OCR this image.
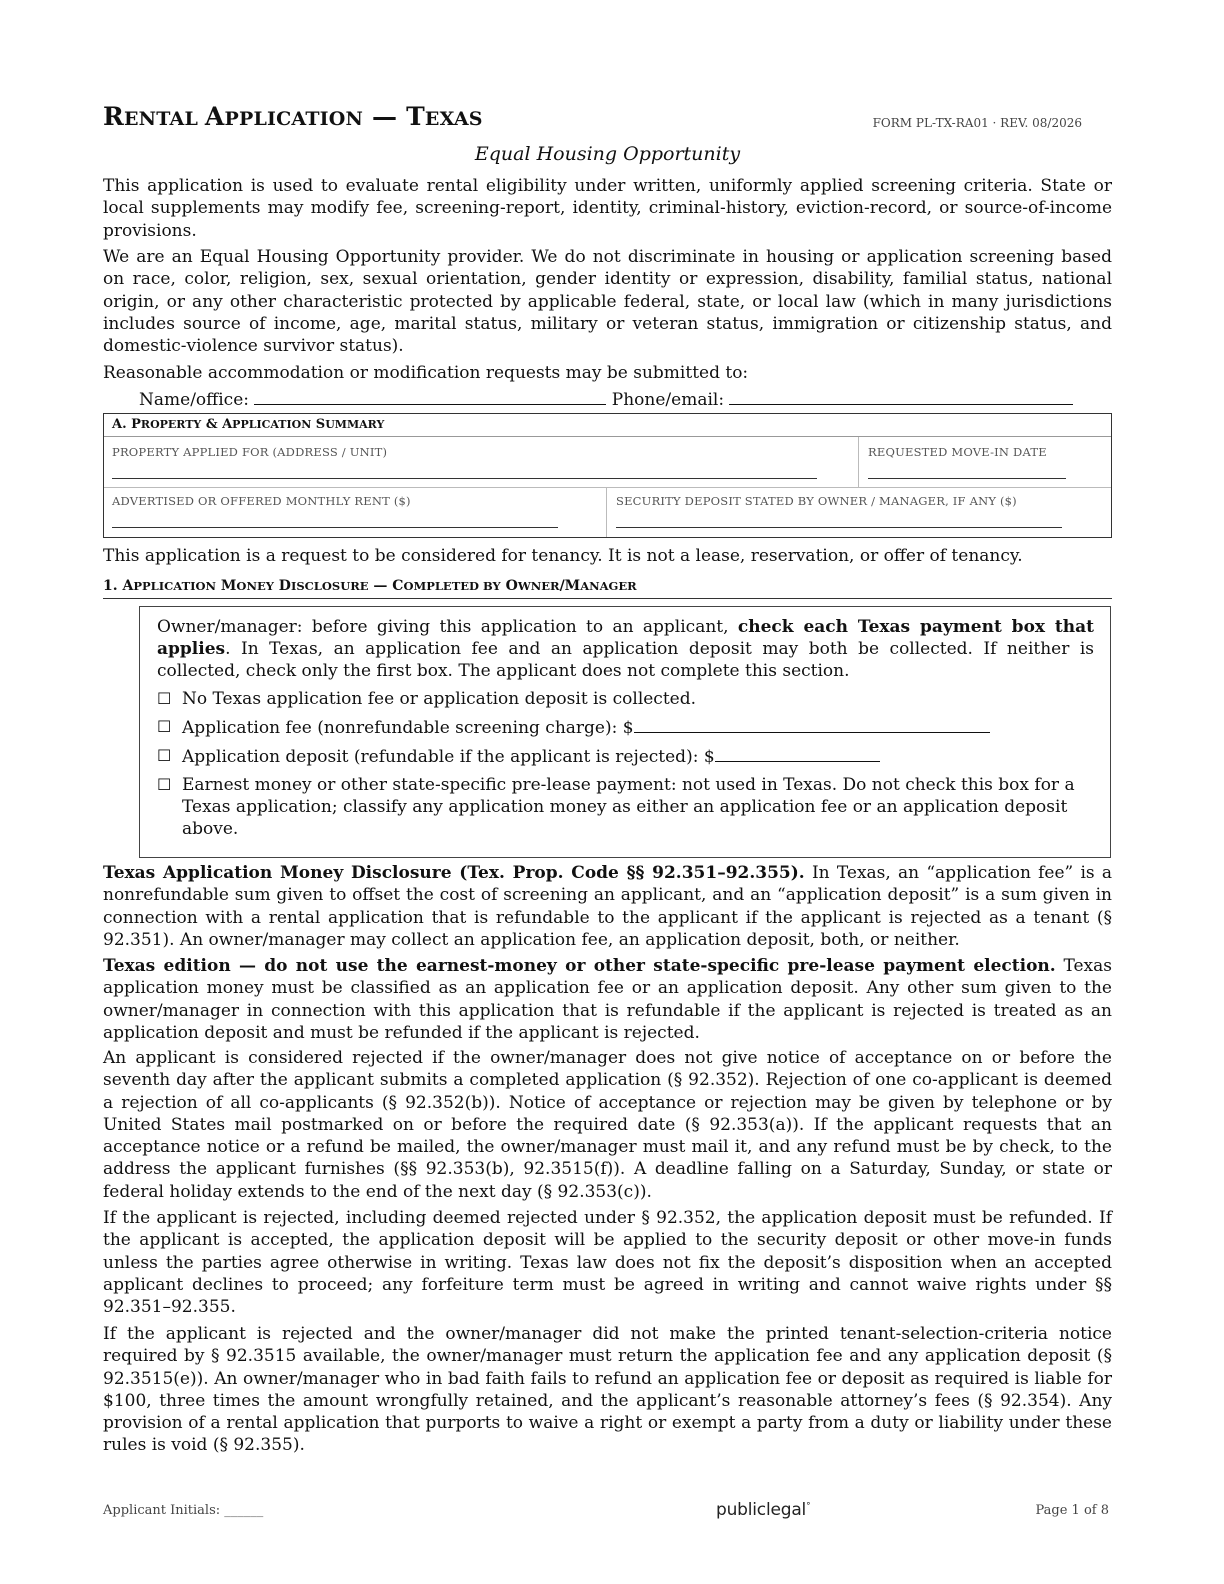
RENTAL APPLICATION — TEXAS	FORM PL-TX-RA01 · REV. 08/2026
Equal Housing Opportunity
This application is used to evaluate rental eligibility under written, uniformly applied screening criteria. State or local supplements may modify fee, screening-report, identity, criminal-history, eviction-record, or source-of-income provisions.
We are an Equal Housing Opportunity provider. We do not discriminate in housing or application screening based on race, color, religion, sex, sexual orientation, gender identity or expression, disability, familial status, national origin, or any other characteristic protected by applicable federal, state, or local law (which in many jurisdictions includes source of income, age, marital status, military or veteran status, immigration or citizenship status, and domestic-violence survivor status).
Reasonable accommodation or modification requests may be submitted to:
Name/office:	Phone/email:
A. PROPERTY & APPLICATION SUMMARY
PROPERTY APPLIED FOR (ADDRESS / UNIT)	REQUESTED MOVE-IN DATE
ADVERTISED OR OFFERED MONTHLY RENT ($)	SECURITY DEPOSIT STATED BY OWNER / MANAGER, IF ANY ($)
This application is a request to be considered for tenancy. It is not a lease, reservation, or offer of tenancy.
1. APPLICATION MONEY DISCLOSURE — COMPLETED BY OWNER/MANAGER
Owner/manager: before giving this application to an applicant, check each Texas payment box that applies. In Texas, an application fee and an application deposit may both be collected. If neither is collected, check only the first box. The applicant does not complete this section.
☐ No Texas application fee or application deposit is collected.
☐ Application fee (nonrefundable screening charge): $
☐ Application deposit (refundable if the applicant is rejected): $
☐ Earnest money or other state-specific pre-lease payment: not used in Texas. Do not check this box for a Texas application; classify any application money as either an application fee or an application deposit above.
Texas Application Money Disclosure (Tex. Prop. Code §§ 92.351–92.355). In Texas, an “application fee” is a nonrefundable sum given to offset the cost of screening an applicant, and an “application deposit” is a sum given in connection with a rental application that is refundable to the applicant if the applicant is rejected as a tenant (§ 92.351). An owner/manager may collect an application fee, an application deposit, both, or neither.
Texas edition — do not use the earnest-money or other state-specific pre-lease payment election. Texas application money must be classified as an application fee or an application deposit. Any other sum given to the owner/manager in connection with this application that is refundable if the applicant is rejected is treated as an application deposit and must be refunded if the applicant is rejected.
An applicant is considered rejected if the owner/manager does not give notice of acceptance on or before the seventh day after the applicant submits a completed application (§ 92.352). Rejection of one co-applicant is deemed a rejection of all co-applicants (§ 92.352(b)). Notice of acceptance or rejection may be given by telephone or by United States mail postmarked on or before the required date (§ 92.353(a)). If the applicant requests that an acceptance notice or a refund be mailed, the owner/manager must mail it, and any refund must be by check, to the address the applicant furnishes (§§ 92.353(b), 92.3515(f)). A deadline falling on a Saturday, Sunday, or state or federal holiday extends to the end of the next day (§ 92.353(c)).
If the applicant is rejected, including deemed rejected under § 92.352, the application deposit must be refunded. If the applicant is accepted, the application deposit will be applied to the security deposit or other move-in funds unless the parties agree otherwise in writing. Texas law does not fix the deposit’s disposition when an accepted applicant declines to proceed; any forfeiture term must be agreed in writing and cannot waive rights under §§ 92.351–92.355.
If the applicant is rejected and the owner/manager did not make the printed tenant-selection-criteria notice required by § 92.3515 available, the owner/manager must return the application fee and any application deposit (§ 92.3515(e)). An owner/manager who in bad faith fails to refund an application fee or deposit as required is liable for $100, three times the amount wrongfully retained, and the applicant’s reasonable attorney’s fees (§ 92.354). Any provision of a rental application that purports to waive a right or exempt a party from a duty or liability under these rules is void (§ 92.355).
Applicant Initials: ______	publiclegal°	Page 1 of 8
